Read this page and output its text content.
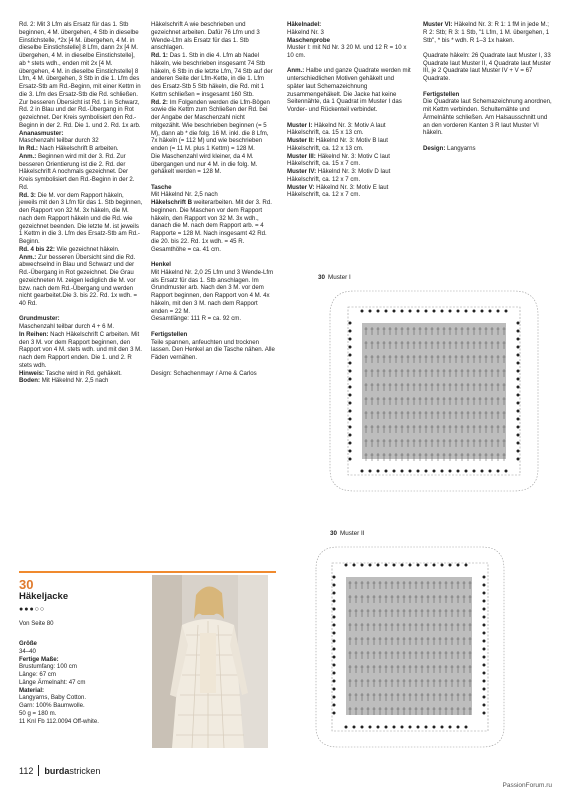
Rd. 2: Mit 3 Lfm als Ersatz für das 1. Stb beginnen, 4 M. übergehen, 4 Stb in dieselbe Einstichstelle, *2x [4 M. übergehen, 4 M. in dieselbe Einstichstelle] 8 Lfm, dann 2x [4 M. übergehen, 4 M. in dieselbe Einstichstelle], ab * stets wdh., enden mit 2x [4 M. übergehen, 4 M. in dieselbe Einstichstelle] 8 Lfm, 4 M. übergehen, 3 Stb in die 1. Lfm des Ersatz-Stb am Rd.-Beginn, mit einer Kettm in die 3. Lfm des Ersatz-Stb die Rd. schließen. Zur besseren Übersicht ist Rd. 1 in Schwarz, Rd. 2 in Blau und der Rd.-Übergang in Rot gezeichnet. Der Kreis symbolisiert den Rd.-Beginn in der 2. Rd. Die 1. und 2. Rd. 1x arb.

Ananasmuster:

Maschenzahl teilbar durch 32

In Rd.: Nach Häkelschrift B arbeiten.

Anm.: Beginnen wird mit der 3. Rd. Zur besseren Orientierung ist die 2. Rd. der Häkelschrift A nochmals gezeichnet. Der Kreis symbolisiert den Rd.-Beginn in der 2. Rd.

Rd. 3: Die M. vor dem Rapport häkeln, jeweils mit den 3 Lfm für das 1. Stb beginnen, den Rapport von 32 M. 3x häkeln, die M. nach dem Rapport häkeln und die Rd. wie gezeichnet beenden. Die letzte M. ist jeweils 1 Kettm in die 3. Lfm des Ersatz-Stb am Rd.-Beginn.

Rd. 4 bis 22: Wie gezeichnet häkeln.

Anm.: Zur besseren Übersicht sind die Rd. abwechselnd in Blau und Schwarz und der Rd.-Übergang in Rot gezeichnet. Die Grau gezeichneten M. zeigen lediglich die M. vor bzw. nach dem Rd.-Übergang und werden nicht gearbeitet.Die 3. bis 22. Rd. 1x wdh. = 40 Rd.

Grundmuster:

Maschenzahl teilbar durch 4 + 6 M.

In Reihen: Nach Häkelschrift C arbeiten. Mit den 3 M. vor dem Rapport beginnen, den Rapport von 4 M. stets wdh. und mit den 3 M. nach dem Rapport enden. Die 1. und 2. R stets wdh.

Hinweis: Tasche wird in Rd. gehäkelt.

Boden: Mit Häkelnd Nr. 2,5 nach

Häkelschrift A wie beschrieben und gezeichnet arbeiten. Dafür 76 Lfm und 3 Wende-Lfm als Ersatz für das 1. Stb anschlagen.

Rd. 1: Das 1. Stb in die 4. Lfm ab Nadel häkeln, wie beschrieben insgesamt 74 Stb häkeln, 6 Stb in die letzte Lfm, 74 Stb auf der anderen Seite der Lfm-Kette, in die 1. Lfm des Ersatz-Stb 5 Stb häkeln, die Rd. mit 1 Kettm schließen = insgesamt 160 Stb.

Rd. 2: Im Folgenden werden die Lfm-Bögen sowie die Kettm zum Schließen der Rd. bei der Angabe der Maschenzahl nicht mitgezählt. Wie beschrieben beginnen (= 5 M), dann ab * die folg. 16 M. inkl. die 8 Lfm, 7x häkeln (= 112 M) und wie beschrieben enden (= 11 M. plus 1 Kettm) = 128 M.

Die Maschenzahl wird kleiner, da 4 M. übergangen und nur 4 M. in die folg. M. gehäkelt werden = 128 M.

Tasche

Mit Häkelnd Nr. 2,5 nach

Häkelschrift B weiterarbeiten. Mit der 3. Rd. beginnen. Die Maschen vor dem Rapport häkeln, den Rapport von 32 M. 3x wdh., danach die M. nach dem Rapport arb. = 4 Rapporte = 128 M. Nach insgesamt 42 Rd. die 20. bis 22. Rd. 1x wdh. = 45 R. Gesamthöhe = ca. 41 cm.

Henkel

Mit Häkelnd Nr. 2,0 25 Lfm und 3 Wende-Lfm als Ersatz für das 1. Stb anschlagen. Im Grundmuster arb. Nach den 3 M. vor dem Rapport beginnen, den Rapport von 4 M. 4x häkeln, mit den 3 M. nach dem Rapport enden = 22 M.

Gesamtlänge: 111 R = ca. 92 cm.

Fertigstellen

Teile spannen, anfeuchten und trocknen lassen. Den Henkel an die Tasche nähen. Alle Fäden vernähen.

Design: Schachenmayr / Arne & Carlos

Häkelnadel:

Häkelnd Nr. 3

Maschenprobe

Muster I: mit Nd Nr. 3 20 M. und 12 R = 10 x 10 cm.

Anm.: Halbe und ganze Quadrate werden mit unterschiedlichen Motiven gehäkelt und später laut Schemazeichnung zusammengehäkelt. Die Jacke hat keine Seitennähte, da 1 Quadrat im Muster I das Vorder- und Rückenteil verbindet.

Muster I: Häkelnd Nr. 3: Motiv A laut Häkelschrift, ca. 15 x 13 cm.

Muster II: Häkelnd Nr. 3: Motiv B laut Häkelschrift, ca. 12 x 13 cm.

Muster III: Häkelnd Nr. 3: Motiv C laut Häkelschrift, ca. 15 x 7 cm.

Muster IV: Häkelnd Nr. 3: Motiv D laut Häkelschrift, ca. 12 x 7 cm.

Muster V: Häkelnd Nr. 3: Motiv E laut Häkelschrift, ca. 12 x 7 cm.

Muster VI: Häkelnd Nr. 3: R 1: 1 fM in jede M.; R 2: Stb; R 3: 1 Stb, "1 Lfm, 1 M. übergehen, 1 Stb", * bis * wdh. R 1–3 1x haken.

Quadrate häkeln: 26 Quadrate laut Muster I, 33 Quadrate laut Muster II, 4 Quadrate laut Muster III, je 2 Quadrate laut Muster IV + V = 67 Quadrate.

Fertigstellen

Die Quadrate laut Schemazeichnung anordnen, mit Kettm verbinden. Schultemähte und Ärmelnähte schließen. Am Halsausschnitt und an den vorderen Kanten 3 R laut Muster VI häkeln.

Design: Langyarns

30 Muster I
30 Muster II
30
Häkeljacke
●●●○○
Von Seite 80

Größe

34–40

Fertige Maße:

Brustumfang: 100 cm

Länge: 67 cm

Länge Ärmelnaht: 47 cm

Material:

Langyarns, Baby Cotton.

Garn: 100% Baumwolle.

50 g = 180 m.

11 Knl Fb 112.0094 Off-white.

112 burdastricken
PassionForum.ru
